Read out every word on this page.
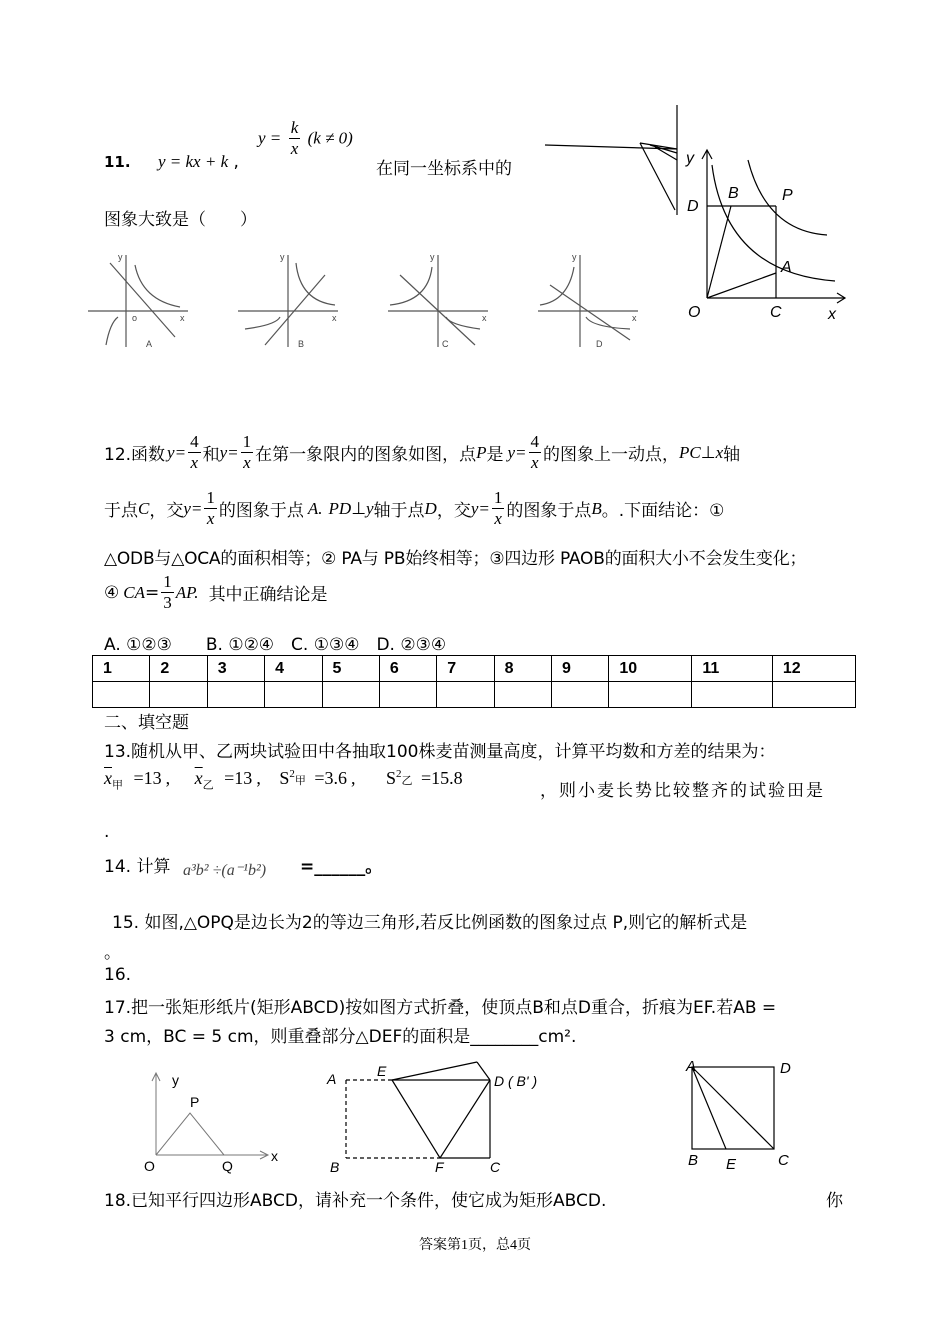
11. y = kx + k ,
$y = \frac{k}{x} (k \ne 0)$
在同一坐标系中的
图象大致是（　　）
y
x
o
y
x
y
x
y
x
A	B	C	D
y
D
B	P
A
O	C	x
12.函数 $y= \frac{4}{x}$ 和 $y= \frac{1}{x}$ 在第一象限内的图象如图，点 P 是 $y= \frac{4}{x}$ 的图象上一动点， PC ⊥ x 轴
于点 C ，交 $y= \frac{1}{x}$ 的图象于点 A. PD ⊥ y 轴于点 D ，交 $y= \frac{1}{x}$ 的图象于点 B 。.下面结论：①
△ODB与△OCA的面积相等；② PA与 PB始终相等；③四边形 PAOB的面积大小不会发生变化；
④ CA = $\frac{1}{3}$ AP. 其中正确结论是
A. ①②③　　B. ①②④　C. ①③④　D. ②③④
1	2	3	4	5	6	7	8	9	10	11	12

二、填空题
13.随机从甲、乙两块试验田中各抽取100株麦苗测量高度，计算平均数和方差的结果为：
$\overline{x}_甲 =13$ , $\overline{x}_乙 =13$ , $S^2$甲 =3.6 , $S^2$乙 =15.8
，则小麦长势比较整齐的试验田是
.
14. 计算 a³b² ÷(a⁻¹b²) =______。
15. 如图,△OPQ是边长为2的等边三角形,若反比例函数的图象过点 P,则它的解析式是
。
16.
17.把一张矩形纸片(矩形ABCD)按如图方式折叠，使顶点B和点D重合，折痕为EF.若AB =
3 cm，BC = 5 cm，则重叠部分△DEF的面积是________cm².
y
P
x
O	Q
A	E
D ( B' )
B	F	C
A	D
B E	C
18.已知平行四边形ABCD，请补充一个条件，使它成为矩形ABCD.	你
答案第1页，总4页
